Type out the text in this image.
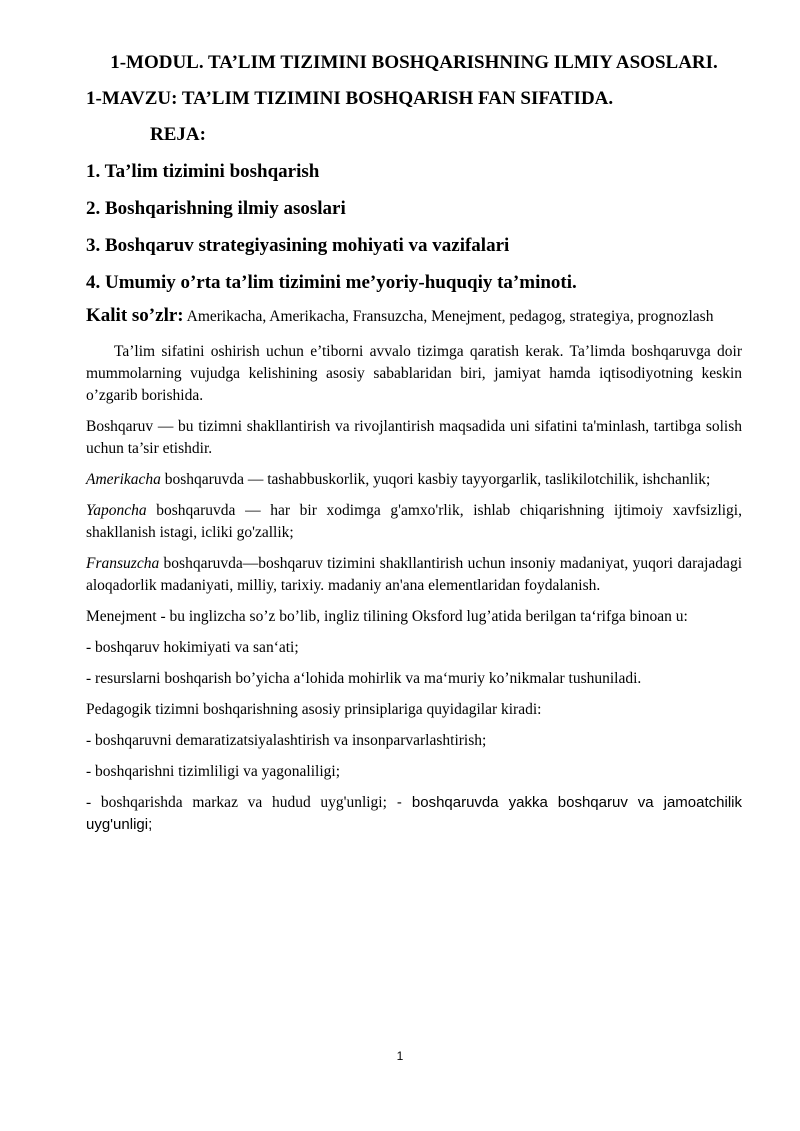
1-MODUL. TA’LIM TIZIMINI BOSHQARISHNING ILMIY ASOSLARI.
1-MAVZU: TA’LIM TIZIMINI BOSHQARISH FAN SIFATIDA.
REJA:
1. Ta’lim tizimini boshqarish
2. Boshqarishning ilmiy asoslari
3. Boshqaruv strategiyasining mohiyati va vazifalari
4. Umumiy o’rta ta’lim tizimini me’yoriy-huquqiy ta’minoti.
Kalit so’zlr: Amerikacha, Amerikacha, Fransuzcha, Menejment, pedagog, strategiya, prognozlash
Ta’lim sifatini oshirish uchun e’tiborni avvalo tizimga qaratish kerak. Ta’limda boshqaruvga doir mummolarning vujudga kelishining asosiy sabablaridan biri, jamiyat hamda iqtisodiyotning keskin o’zgarib borishida.
Boshqaruv — bu tizimni shakllantirish va rivojlantirish maqsadida uni sifatini ta'minlash, tartibga solish uchun ta’sir etishdir.
Amerikacha boshqaruvda — tashabbuskorlik, yuqori kasbiy tayyorgarlik, taslikilotchilik, ishchanlik;
Yaponcha boshqaruvda — har bir xodimga g'amxo'rlik, ishlab chiqarishning ijtimoiy xavfsizligi, shakllanish istagi, icliki go'zallik;
Fransuzcha boshqaruvda—boshqaruv tizimini shakllantirish uchun insoniy madaniyat, yuqori darajadagi aloqadorlik madaniyati, milliy, tarixiy. madaniy an'ana elementlaridan foydalanish.
Menejment - bu inglizcha so’z bo’lib, ingliz tilining Oksford lug’atida berilgan ta‘rifga binoan u:
- boshqaruv hokimiyati va san‘ati;
- resurslarni boshqarish bo’yicha a‘lohida mohirlik va ma‘muriy ko’nikmalar tushuniladi.
Pedagogik tizimni boshqarishning asosiy prinsiplariga quyidagilar kiradi:
- boshqaruvni demaratizatsiyalashtirish va insonparvarlashtirish;
- boshqarishni tizimliligi va yagonaliligi;
- boshqarishda markaz va hudud uyg'unligi; - boshqaruvda yakka boshqaruv va jamoatchilik uyg'unligi;
1
